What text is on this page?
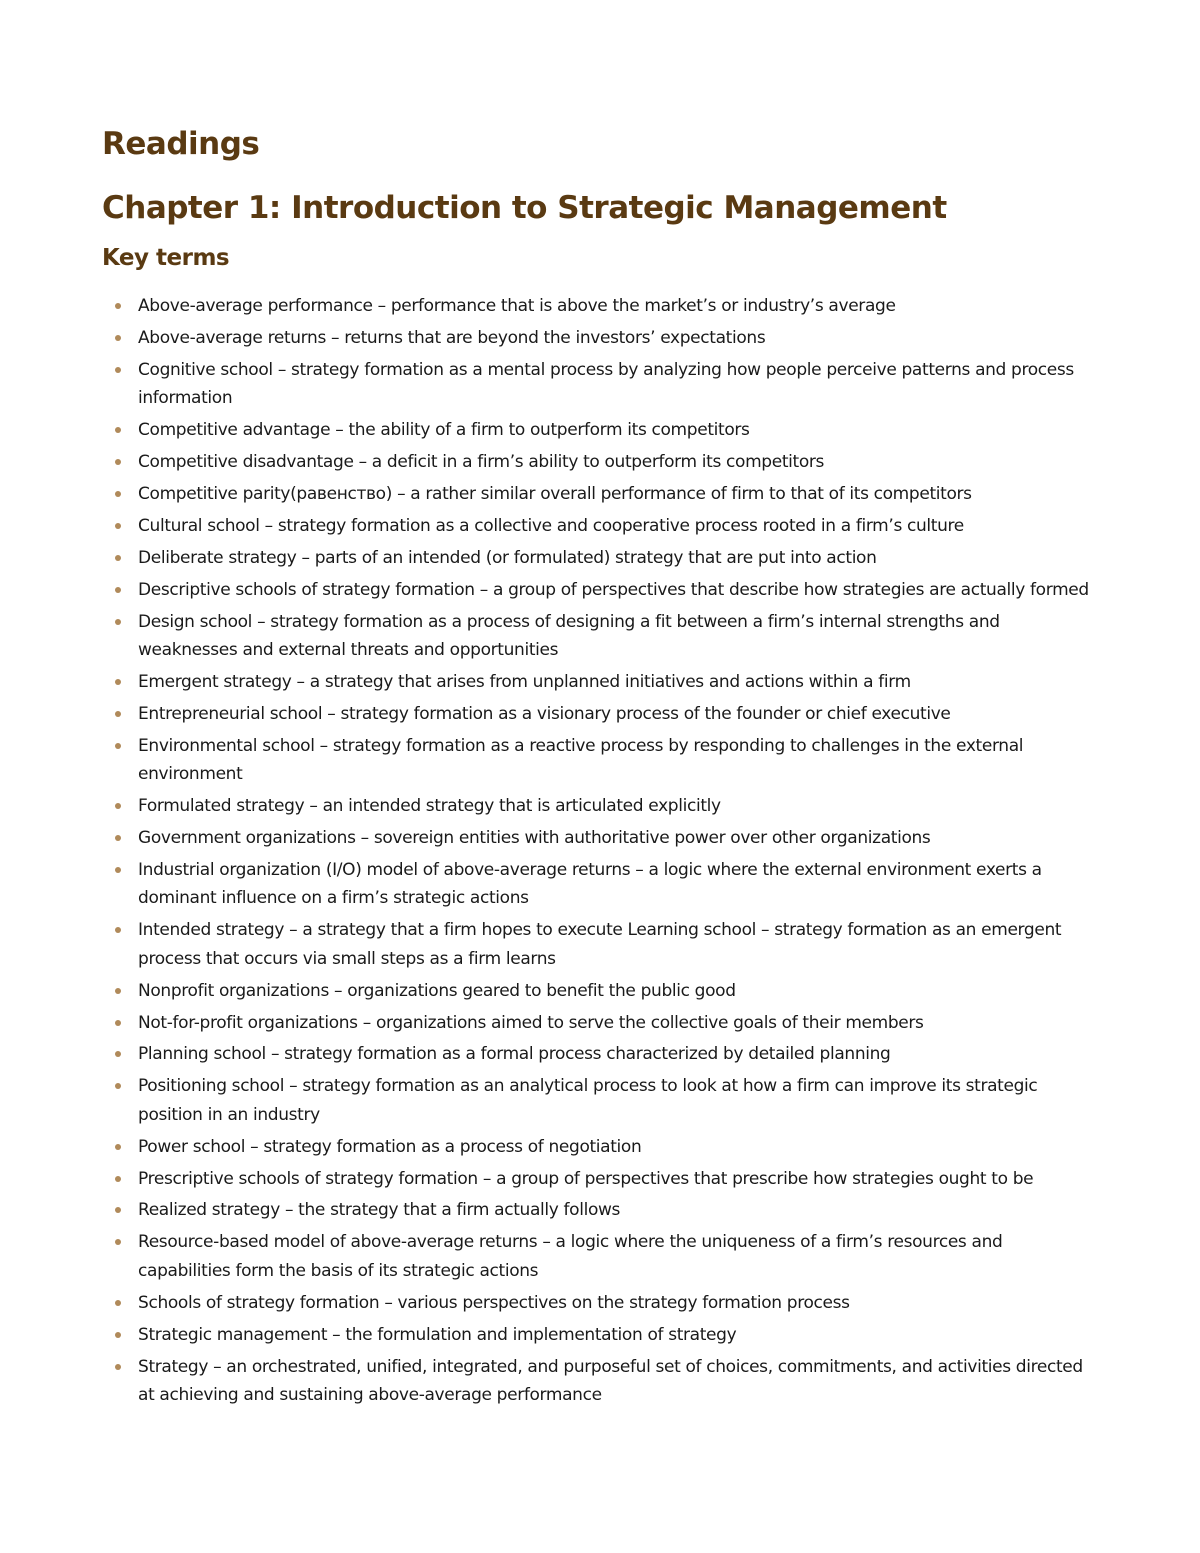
Readings
Chapter 1: Introduction to Strategic Management
Key terms
Above-average performance – performance that is above the market’s or industry’s average
Above-average returns – returns that are beyond the investors’ expectations
Cognitive school – strategy formation as a mental process by analyzing how people perceive patterns and process information
Competitive advantage – the ability of a firm to outperform its competitors
Competitive disadvantage – a deficit in a firm’s ability to outperform its competitors
Competitive parity(равенство) – a rather similar overall performance of firm to that of its competitors
Cultural school – strategy formation as a collective and cooperative process rooted in a firm’s culture
Deliberate strategy – parts of an intended (or formulated) strategy that are put into action
Descriptive schools of strategy formation – a group of perspectives that describe how strategies are actually formed
Design school – strategy formation as a process of designing a fit between a firm’s internal strengths and weaknesses and external threats and opportunities
Emergent strategy – a strategy that arises from unplanned initiatives and actions within a firm
Entrepreneurial school – strategy formation as a visionary process of the founder or chief executive
Environmental school – strategy formation as a reactive process by responding to challenges in the external environment
Formulated strategy – an intended strategy that is articulated explicitly
Government organizations – sovereign entities with authoritative power over other organizations
Industrial organization (I/O) model of above-average returns – a logic where the external environment exerts a dominant influence on a firm’s strategic actions
Intended strategy – a strategy that a firm hopes to execute Learning school – strategy formation as an emergent process that occurs via small steps as a firm learns
Nonprofit organizations – organizations geared to benefit the public good
Not-for-profit organizations – organizations aimed to serve the collective goals of their members
Planning school – strategy formation as a formal process characterized by detailed planning
Positioning school – strategy formation as an analytical process to look at how a firm can improve its strategic position in an industry
Power school – strategy formation as a process of negotiation
Prescriptive schools of strategy formation – a group of perspectives that prescribe how strategies ought to be
Realized strategy – the strategy that a firm actually follows
Resource-based model of above-average returns – a logic where the uniqueness of a firm’s resources and capabilities form the basis of its strategic actions
Schools of strategy formation – various perspectives on the strategy formation process
Strategic management – the formulation and implementation of strategy
Strategy – an orchestrated, unified, integrated, and purposeful set of choices, commitments, and activities directed at achieving and sustaining above-average performance
